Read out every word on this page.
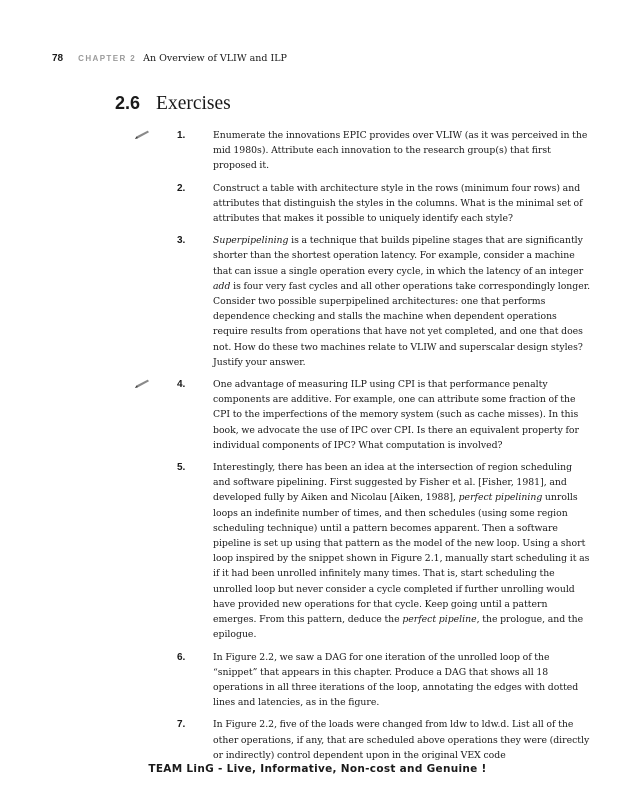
78 CHAPTER 2 An Overview of VLIW and ILP
2.6 Exercises
1.	Enumerate the innovations EPIC provides over VLIW (as it was perceived in the mid 1980s). Attribute each innovation to the research group(s) that first proposed it.
2.	Construct a table with architecture style in the rows (minimum four rows) and attributes that distinguish the styles in the columns. What is the minimal set of attributes that makes it possible to uniquely identify each style?
3.	Superpipelining is a technique that builds pipeline stages that are significantly shorter than the shortest operation latency. For example, consider a machine that can issue a single operation every cycle, in which the latency of an integer add is four very fast cycles and all other operations take correspondingly longer. Consider two possible superpipelined architectures: one that performs dependence checking and stalls the machine when dependent operations require results from operations that have not yet completed, and one that does not. How do these two machines relate to VLIW and superscalar design styles? Justify your answer.
4.	One advantage of measuring ILP using CPI is that performance penalty components are additive. For example, one can attribute some fraction of the CPI to the imperfections of the memory system (such as cache misses). In this book, we advocate the use of IPC over CPI. Is there an equivalent property for individual components of IPC? What computation is involved?
5.	Interestingly, there has been an idea at the intersection of region scheduling and software pipelining. First suggested by Fisher et al. [Fisher, 1981], and developed fully by Aiken and Nicolau [Aiken, 1988], perfect pipelining unrolls loops an indefinite number of times, and then schedules (using some region scheduling technique) until a pattern becomes apparent. Then a software pipeline is set up using that pattern as the model of the new loop. Using a short loop inspired by the snippet shown in Figure 2.1, manually start scheduling it as if it had been unrolled infinitely many times. That is, start scheduling the unrolled loop but never consider a cycle completed if further unrolling would have provided new operations for that cycle. Keep going until a pattern emerges. From this pattern, deduce the perfect pipeline, the prologue, and the epilogue.
6.	In Figure 2.2, we saw a DAG for one iteration of the unrolled loop of the “snippet” that appears in this chapter. Produce a DAG that shows all 18 operations in all three iterations of the loop, annotating the edges with dotted lines and latencies, as in the figure.
7.	In Figure 2.2, five of the loads were changed from ldw to ldw.d. List all of the other operations, if any, that are scheduled above operations they were (directly or indirectly) control dependent upon in the original VEX code
TEAM LinG - Live, Informative, Non-cost and Genuine !
